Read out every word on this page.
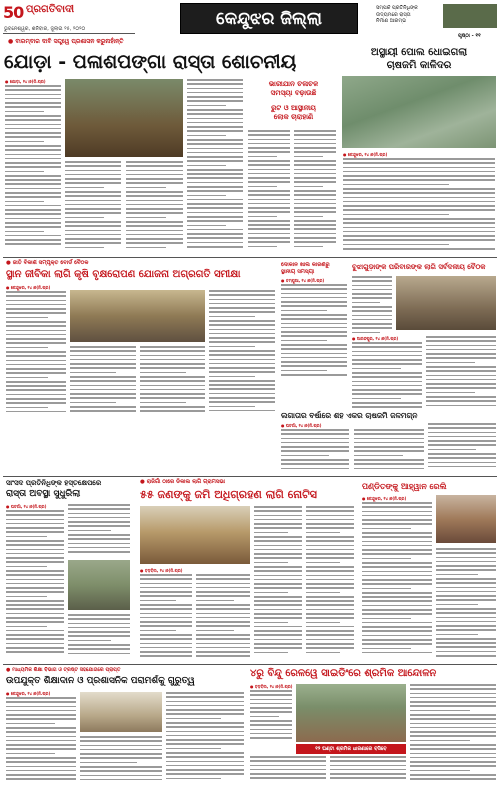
50 ପ୍ରଗତିବାଦୀ
ଭୁବନେଶ୍ୱର, ଶନିବାର, ଜୁଲାଇ ୨୫, ୨୦୨୦	କେନ୍ଦୁଝର ଜିଲ୍ଲା
ସମ୍ପର୍କ ପ୍ରତିନିଧିଙ୍କ
ଉଦ୍ୟମରେ ରାସ୍ତା
ନିର୍ମାଣ ଆରମ୍ଭ
ପୃଷ୍ଠା - ୧୧
● ବାରମ୍ବାର ଦାବି ସତ୍ତ୍ୱେ ପ୍ରଶାସନ କରୁନାହାଁନ୍ତି
ଯୋଡ଼ା - ପଳାଶପଙ୍ଗା ରାସ୍ତା ଶୋଚନୀୟ
● ଯୋଡ଼ା, ୨୪।୭(ନି.ପ୍ର)	ଭାରୀଯାନ ଚଳାଚଳ
ସମସ୍ୟା ବଢ଼ାଉଛି
ରୁଟ ଓ ଆସ୍ଥାନୀୟ
ଲୋକ ଚାରାହାଣି
ଅସ୍ଥାୟୀ ପୋଲ ଧୋଇଗଲା
ଚାଷଜମି କାଳିଦର
● କେନ୍ଦୁଝର, ୨୪।୭(ନି.ପ୍ର)
● ଜାତି ବିକାଶ ସମ୍ପୃକ୍ତ ବୋର୍ଡ ବୈଠକ
ସ୍ଥାନ ଜୀବିକା ଲାଗି କୃଷି ବୃକ୍ଷରୋପଣ ଯୋଜନା ଅଗ୍ରଗତି ସମୀକ୍ଷା
● କେନ୍ଦୁଝର, ୨୪।୭(ନି.ପ୍ର)
ଦୋକାନ ଖାଲି କାରଣରୁ ସ୍ଥାନୀୟ ସମସ୍ୟା
● ଚମ୍ପୁଆ, ୨୪।୭(ନି.ପ୍ର)
ବୁଝାଗୁଡ଼ାଙ୍କ ପରିବାରଙ୍କ ଲାଗି ସର୍ବଦଳୀୟ ବୈଠକ
● ଆନନ୍ଦପୁର, ୨୪।୭(ନି.ପ୍ର)
ଲଗାତାର ବର୍ଷାରେ ଶହ ଏକର ଚାଷଜମି ଜଳମଗ୍ନ
● ଘଟଗାଁ, ୨୪।୭(ନି.ପ୍ର)
ସାଂସଦ ପ୍ରତିନିଧିଙ୍କ ହସ୍ତକ୍ଷେପରେ
ରାସ୍ତା ଅବସ୍ଥା ସୁଧୁରିଲା
● ଘଟଗାଁ, ୨୪।୭(ନି.ପ୍ର)
● ରାଜିଗାଁ ଠାରେ ଡିକାଲ ଲାଗି ଗ୍ରାମସଭା
୫୫ ଜଣଙ୍କୁ ଜମି ଅଧିଗ୍ରହଣ ଲାଗି ନୋଟିସ
● ବଡ଼ବିଲ, ୨୪।୭(ନି.ପ୍ର)
ପଣ୍ଡିତଙ୍କୁ ଆହ୍ୱାନ ରେଲି
● କେନ୍ଦୁଝର, ୨୪।୭(ନି.ପ୍ର)
● ମାଧ୍ୟମିକ ଶିକ୍ଷା ବିଭାଗ ଓ ଟ୍ରଷ୍ଟ ସହଯୋଗରେ ପ୍ରାପ୍ତ
ଉପଯୁକ୍ତ ଶିକ୍ଷାଦାନ ଓ ପ୍ରଶାସନିକ ପରାମର୍ଶକୁ ଗୁରୁତ୍ୱ
● କେନ୍ଦୁଝର, ୨୪।୭(ନି.ପ୍ର)
୪ରୁ ବିନ୍ଦୁ ରେଳୱେ ସାଇଡିଂରେ ଶ୍ରମିକ ଆନ୍ଦୋଳନ
● ବଡ଼ବିଲ, ୨୪।୭(ନି.ପ୍ର)
୧୨ ଘଣ୍ଟା ଶ୍ରମିକ ଧାରଣାରେ ବସିବେ
